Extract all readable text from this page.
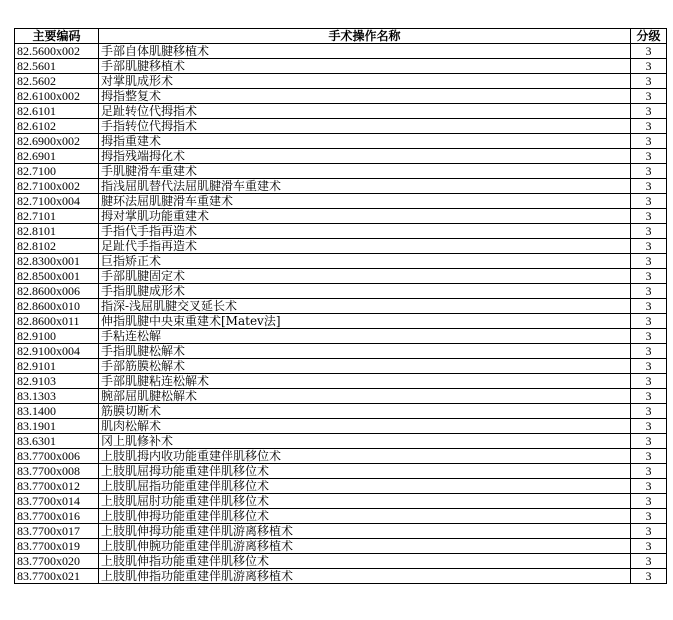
主要编码	手术操作名称	分级
82.5600x002	手部自体肌腱移植术	3
82.5601	手部肌腱移植术	3
82.5602	对掌肌成形术	3
82.6100x002	拇指整复术	3
82.6101	足趾转位代拇指术	3
82.6102	手指转位代拇指术	3
82.6900x002	拇指重建术	3
82.6901	拇指残端拇化术	3
82.7100	手肌腱滑车重建术	3
82.7100x002	指浅屈肌替代法屈肌腱滑车重建术	3
82.7100x004	腱环法屈肌腱滑车重建术	3
82.7101	拇对掌肌功能重建术	3
82.8101	手指代手指再造术	3
82.8102	足趾代手指再造术	3
82.8300x001	巨指矫正术	3
82.8500x001	手部肌腱固定术	3
82.8600x006	手指肌腱成形术	3
82.8600x010	指深-浅屈肌腱交叉延长术	3
82.8600x011	伸指肌腱中央束重建术[Matev法]	3
82.9100	手粘连松解	3
82.9100x004	手指肌腱松解术	3
82.9101	手部筋膜松解术	3
82.9103	手部肌腱粘连松解术	3
83.1303	腕部屈肌腱松解术	3
83.1400	筋膜切断术	3
83.1901	肌肉松解术	3
83.6301	冈上肌修补术	3
83.7700x006	上肢肌拇内收功能重建伴肌移位术	3
83.7700x008	上肢肌屈拇功能重建伴肌移位术	3
83.7700x012	上肢肌屈指功能重建伴肌移位术	3
83.7700x014	上肢肌屈肘功能重建伴肌移位术	3
83.7700x016	上肢肌伸拇功能重建伴肌移位术	3
83.7700x017	上肢肌伸拇功能重建伴肌游离移植术	3
83.7700x019	上肢肌伸腕功能重建伴肌游离移植术	3
83.7700x020	上肢肌伸指功能重建伴肌移位术	3
83.7700x021	上肢肌伸指功能重建伴肌游离移植术	3
